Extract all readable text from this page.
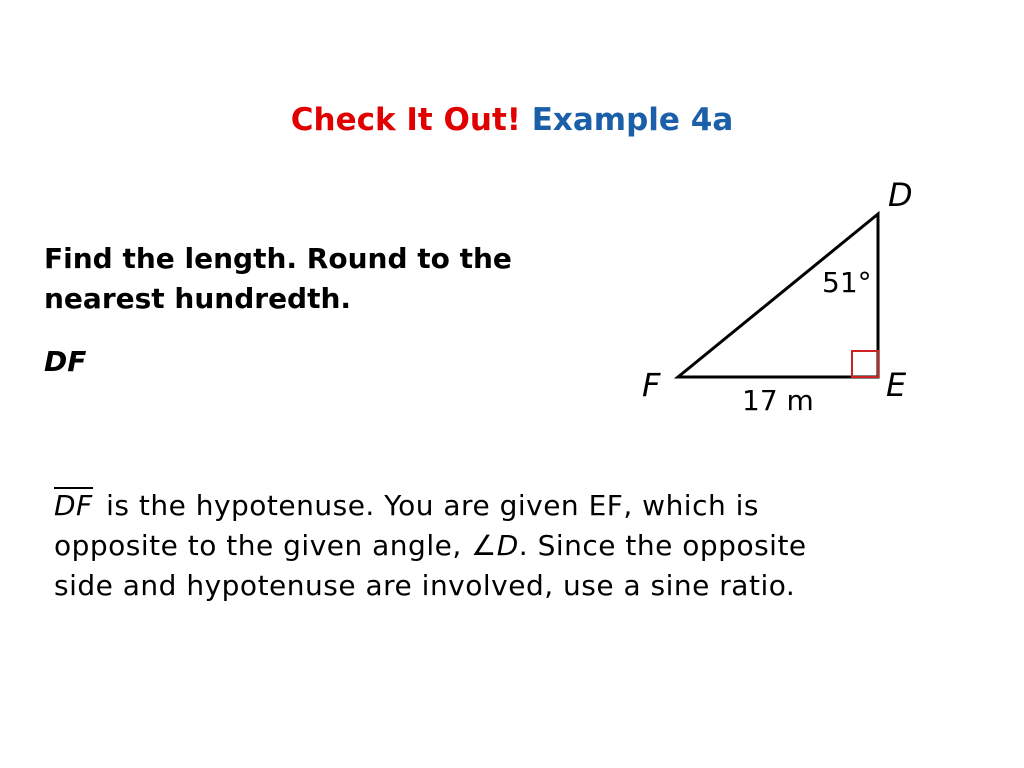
Check It Out! Example 4a
Find the length. Round to the
nearest hundredth.
DF
D
E
F
51°
17 m
DF is the hypotenuse. You are given EF, which is
opposite to the given angle, ∠D. Since the opposite
side and hypotenuse are involved, use a sine ratio.
